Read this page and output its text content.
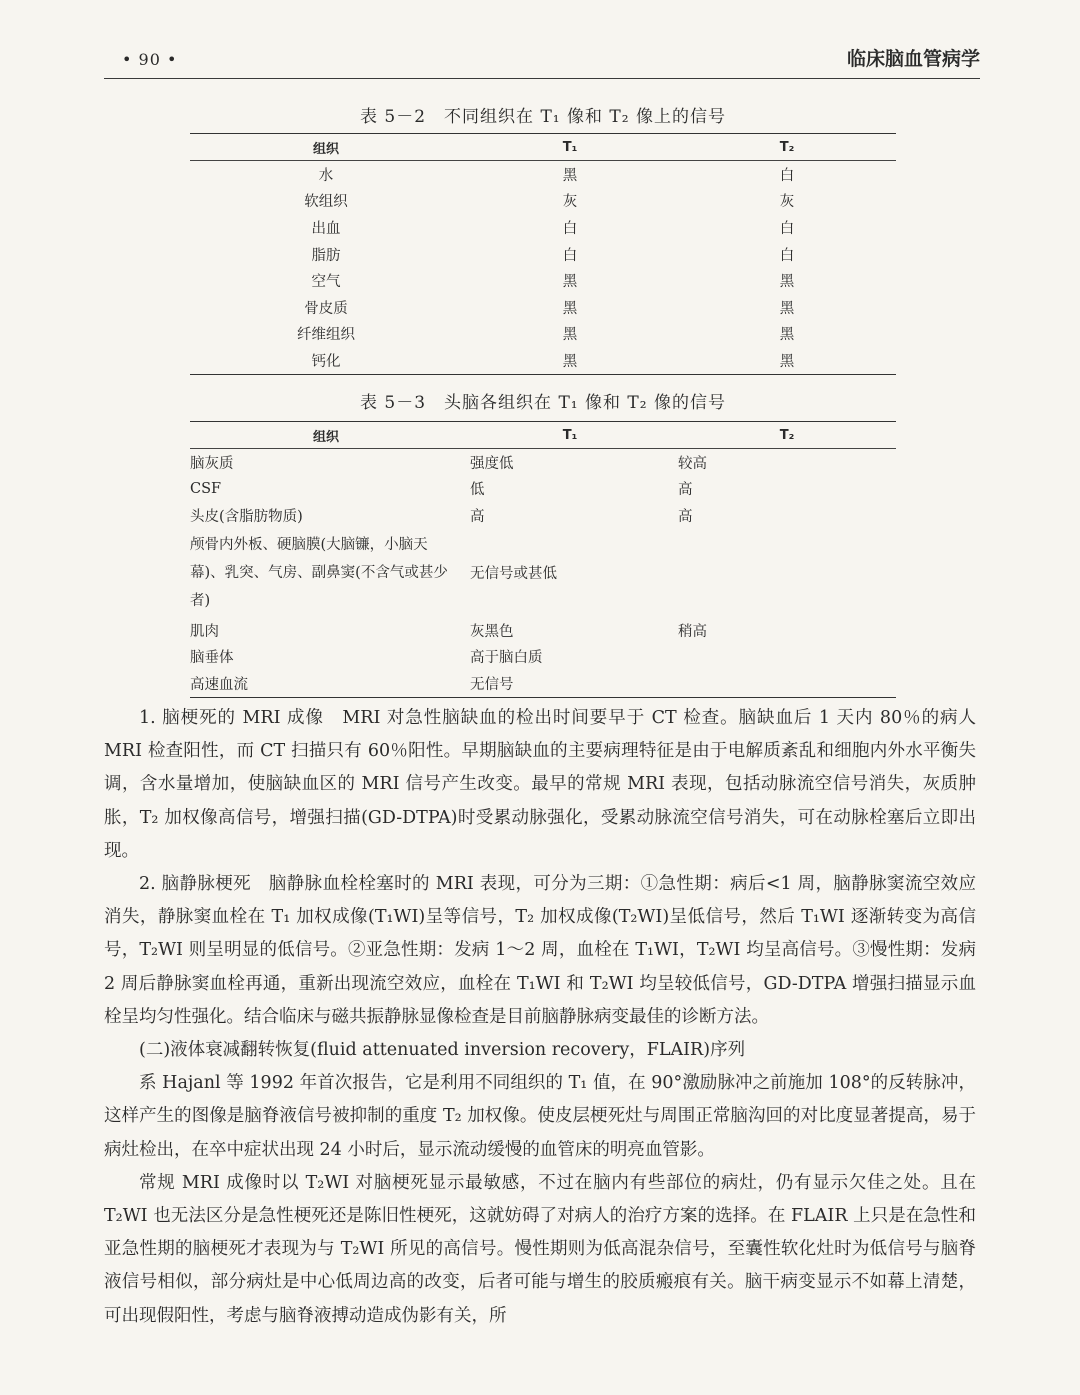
• 90 •	临床脑血管病学
表 5－2　不同组织在 T₁ 像和 T₂ 像上的信号
组织	T₁	T₂
水	黑	白
软组织	灰	灰
出血	白	白
脂肪	白	白
空气	黑	黑
骨皮质	黑	黑
纤维组织	黑	黑
钙化	黑	黑
表 5－3　头脑各组织在 T₁ 像和 T₂ 像的信号
组织	T₁	T₂
脑灰质	强度低	较高
CSF	低	高
头皮(含脂肪物质)	高	高
颅骨内外板、硬脑膜(大脑镰，小脑天幕)、乳突、气房、副鼻窦(不含气或甚少者)	无信号或甚低	
肌肉	灰黑色	稍高
脑垂体	高于脑白质	
高速血流	无信号	

1. 脑梗死的 MRI 成像　MRI 对急性脑缺血的检出时间要早于 CT 检查。脑缺血后 1 天内 80％的病人 MRI 检查阳性，而 CT 扫描只有 60％阳性。早期脑缺血的主要病理特征是由于电解质紊乱和细胞内外水平衡失调，含水量增加，使脑缺血区的 MRI 信号产生改变。最早的常规 MRI 表现，包括动脉流空信号消失，灰质肿胀，T₂ 加权像高信号，增强扫描(GD-DTPA)时受累动脉强化，受累动脉流空信号消失，可在动脉栓塞后立即出现。

2. 脑静脉梗死　脑静脉血栓栓塞时的 MRI 表现，可分为三期：①急性期：病后<1 周，脑静脉窦流空效应消失，静脉窦血栓在 T₁ 加权成像(T₁WI)呈等信号，T₂ 加权成像(T₂WI)呈低信号，然后 T₁WI 逐渐转变为高信号，T₂WI 则呈明显的低信号。②亚急性期：发病 1～2 周，血栓在 T₁WI，T₂WI 均呈高信号。③慢性期：发病 2 周后静脉窦血栓再通，重新出现流空效应，血栓在 T₁WI 和 T₂WI 均呈较低信号，GD-DTPA 增强扫描显示血栓呈均匀性强化。结合临床与磁共振静脉显像检查是目前脑静脉病变最佳的诊断方法。

(二)液体衰减翻转恢复(fluid attenuated inversion recovery，FLAIR)序列

系 Hajanl 等 1992 年首次报告，它是利用不同组织的 T₁ 值，在 90°激励脉冲之前施加 108°的反转脉冲，这样产生的图像是脑脊液信号被抑制的重度 T₂ 加权像。使皮层梗死灶与周围正常脑沟回的对比度显著提高，易于病灶检出，在卒中症状出现 24 小时后，显示流动缓慢的血管床的明亮血管影。

常规 MRI 成像时以 T₂WI 对脑梗死显示最敏感，不过在脑内有些部位的病灶，仍有显示欠佳之处。且在 T₂WI 也无法区分是急性梗死还是陈旧性梗死，这就妨碍了对病人的治疗方案的选择。在 FLAIR 上只是在急性和亚急性期的脑梗死才表现为与 T₂WI 所见的高信号。慢性期则为低高混杂信号，至囊性软化灶时为低信号与脑脊液信号相似，部分病灶是中心低周边高的改变，后者可能与增生的胶质瘢痕有关。脑干病变显示不如幕上清楚，可出现假阳性，考虑与脑脊液搏动造成伪影有关，所
